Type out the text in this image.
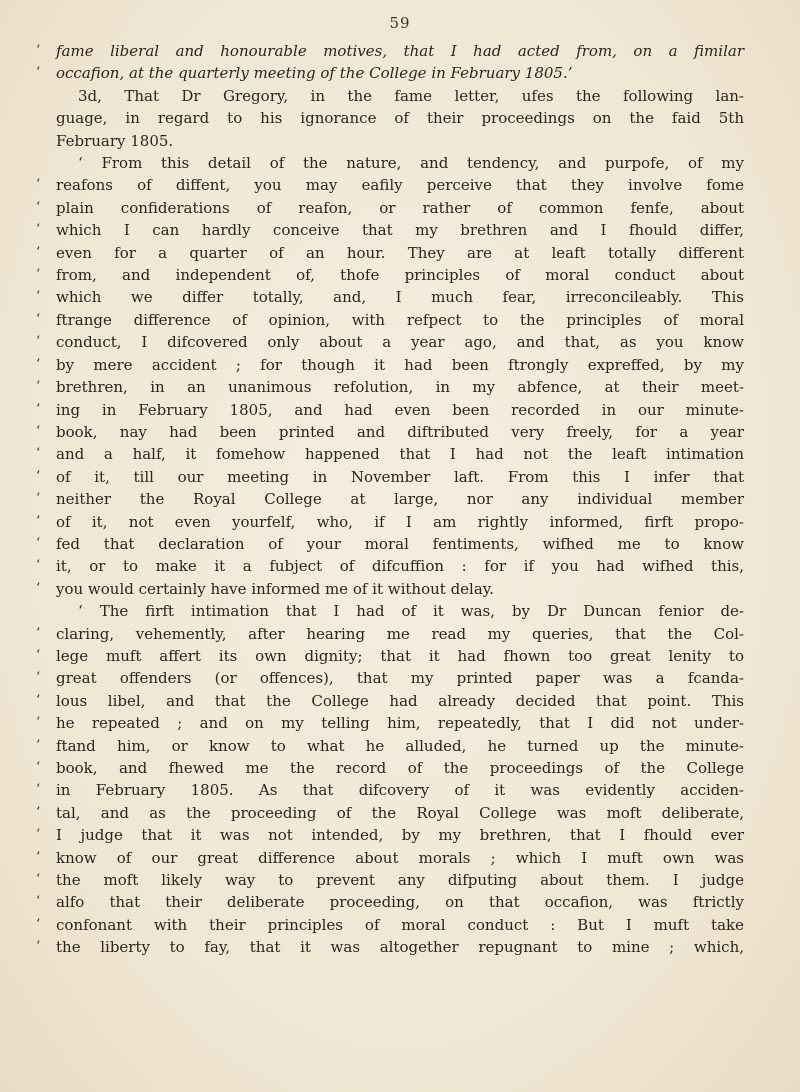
59
‘	fame liberal and honourable motives, that I had acted from, on a fimilar
‘	occafion, at the quarterly meeting of the College in February 1805.’
3d, That Dr Gregory, in the fame letter, ufes the following lan-
guage, in regard to his ignorance of their proceedings on the faid 5th
February 1805.
‘ From this detail of the nature, and tendency, and purpofe, of my
‘	reafons of diffent, you may eafily perceive that they involve fome
‘	plain confiderations of reafon, or rather of common fenfe, about
‘	which I can hardly conceive that my brethren and I fhould differ,
‘	even for a quarter of an hour. They are at leaft totally different
‘	from, and independent of, thofe principles of moral conduct about
‘	which we differ totally, and, I much fear, irreconcileably. This
‘	ftrange difference of opinion, with refpect to the principles of moral
‘	conduct, I difcovered only about a year ago, and that, as you know
‘	by mere accident ; for though it had been ftrongly expreffed, by my
‘	brethren, in an unanimous refolution, in my abfence, at their meet-
‘	ing in February 1805, and had even been recorded in our minute-
‘	book, nay had been printed and diftributed very freely, for a year
‘	and a half, it fomehow happened that I had not the leaft intimation
‘	of it, till our meeting in November laft. From this I infer that
‘	neither the Royal College at large, nor any individual member
‘	of it, not even yourfelf, who, if I am rightly informed, firft propo-
‘	fed that declaration of your moral fentiments, wifhed me to know
‘	it, or to make it a fubject of difcuffion : for if you had wifhed this,
‘	you would certainly have informed me of it without delay.
‘ The firft intimation that I had of it was, by Dr Duncan fenior de-
‘	claring, vehemently, after hearing me read my queries, that the Col-
‘	lege muft affert its own dignity; that it had fhown too great lenity to
‘	great offenders (or offences), that my printed paper was a fcanda-
‘	lous libel, and that the College had already decided that point. This
‘	he repeated ; and on my telling him, repeatedly, that I did not under-
‘	ftand him, or know to what he alluded, he turned up the minute-
‘	book, and fhewed me the record of the proceedings of the College
‘	in February 1805. As that difcovery of it was evidently acciden-
‘	tal, and as the proceeding of the Royal College was moft deliberate,
‘	I judge that it was not intended, by my brethren, that I fhould ever
‘	know of our great difference about morals ; which I muft own was
‘	the moft likely way to prevent any difputing about them. I judge
‘	alfo that their deliberate proceeding, on that occafion, was ftrictly
‘	confonant with their principles of moral conduct : But I muft take
‘	the liberty to fay, that it was altogether repugnant to mine ; which,
